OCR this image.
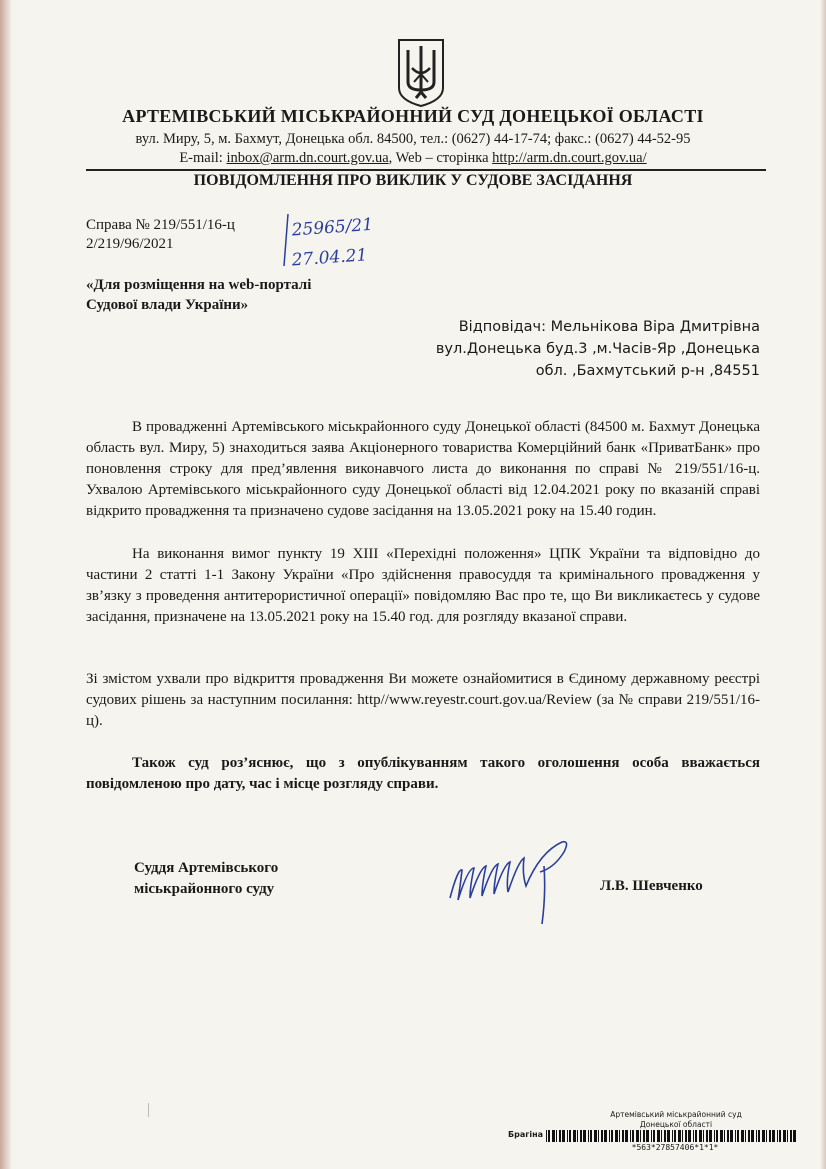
АРТЕМІВСЬКИЙ МІСЬКРАЙОННИЙ СУД ДОНЕЦЬКОЇ ОБЛАСТІ
вул. Миру, 5, м. Бахмут, Донецька обл. 84500, тел.: (0627) 44-17-74; факс.: (0627) 44-52-95
E-mail: inbox@arm.dn.court.gov.ua, Web – сторінка http://arm.dn.court.gov.ua/
ПОВІДОМЛЕННЯ ПРО ВИКЛИК У СУДОВЕ ЗАСІДАННЯ
Справа № 219/551/16-ц
2/219/96/2021
25965/21
27.04.21
«Для розміщення на web-порталі
Судової влади України»
Відповідач: Мельнікова Віра Дмитрівна
вул.Донецька буд.3 ,м.Часів-Яр ,Донецька
обл. ,Бахмутський р-н ,84551
В провадженні Артемівського міськрайонного суду Донецької області (84500 м. Бахмут Донецька область вул. Миру, 5) знаходиться заява Акціонерного товариства Комерційний банк «ПриватБанк» про поновлення строку для пред’явлення виконавчого листа до виконання по справі № 219/551/16-ц. Ухвалою Артемівського міськрайонного суду Донецької області від 12.04.2021 року по вказаній справі відкрито провадження та призначено судове засідання на 13.05.2021 року на 15.40 годин.
На виконання вимог пункту 19 XIII «Перехідні положення» ЦПК України та відповідно до частини 2 статті 1-1 Закону України «Про здійснення правосуддя та кримінального провадження у зв’язку з проведення антитерористичної операції» повідомляю Вас про те, що Ви викликаєтесь у судове засідання, призначене на 13.05.2021 року на 15.40 год. для розгляду вказаної справи.
Зі змістом ухвали про відкриття провадження Ви можете ознайомитися в Єдиному державному реєстрі судових рішень за наступним посилання: http//www.reyestr.court.gov.ua/Review (за № справи 219/551/16-ц).
Також суд роз’яснює, що з опублікуванням такого оголошення особа вважається повідомленою про дату, час і місце розгляду справи.
Суддя Артемівського
міськрайонного суду	Л.В. Шевченко
Артемівський міськрайонний суд
Донецької області
Брагіна
*563*27857406*1*1*
